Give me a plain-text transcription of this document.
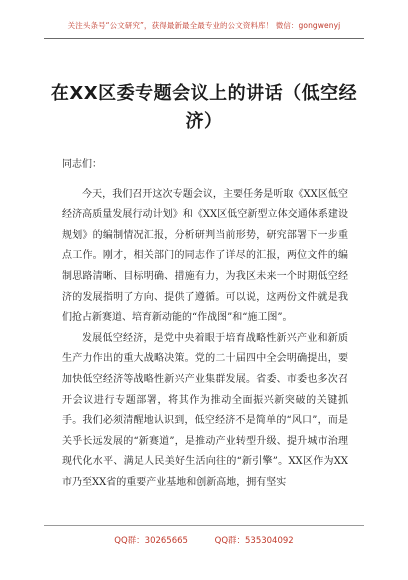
关注头条号“公文研究”，获得最新最全最专业的公文资料库！ 微信：gongwenyj
在XX区委专题会议上的讲话（低空经济）

同志们：

今天，我们召开这次专题会议，主要任务是听取《XX区低空经济高质量发展行动计划》和《XX区低空新型立体交通体系建设规划》的编制情况汇报，分析研判当前形势，研究部署下一步重点工作。刚才，相关部门的同志作了详尽的汇报，两位文件的编制思路清晰、目标明确、措施有力，为我区未来一个时期低空经济的发展指明了方向、提供了遵循。可以说，这两份文件就是我们抢占新赛道、培育新动能的“作战图”和“施工图”。

发展低空经济，是党中央着眼于培育战略性新兴产业和新质生产力作出的重大战略决策。党的二十届四中全会明确提出，要加快低空经济等战略性新兴产业集群发展。省委、市委也多次召开会议进行专题部署，将其作为推动全面振兴新突破的关键抓手。我们必须清醒地认识到，低空经济不是简单的“风口”，而是关乎长远发展的“新赛道”，是推动产业转型升级、提升城市治理现代化水平、满足人民美好生活向往的“新引擎”。XX区作为XX市乃至XX省的重要产业基地和创新高地，拥有坚实

QQ群：30265665	QQ群：535304092
